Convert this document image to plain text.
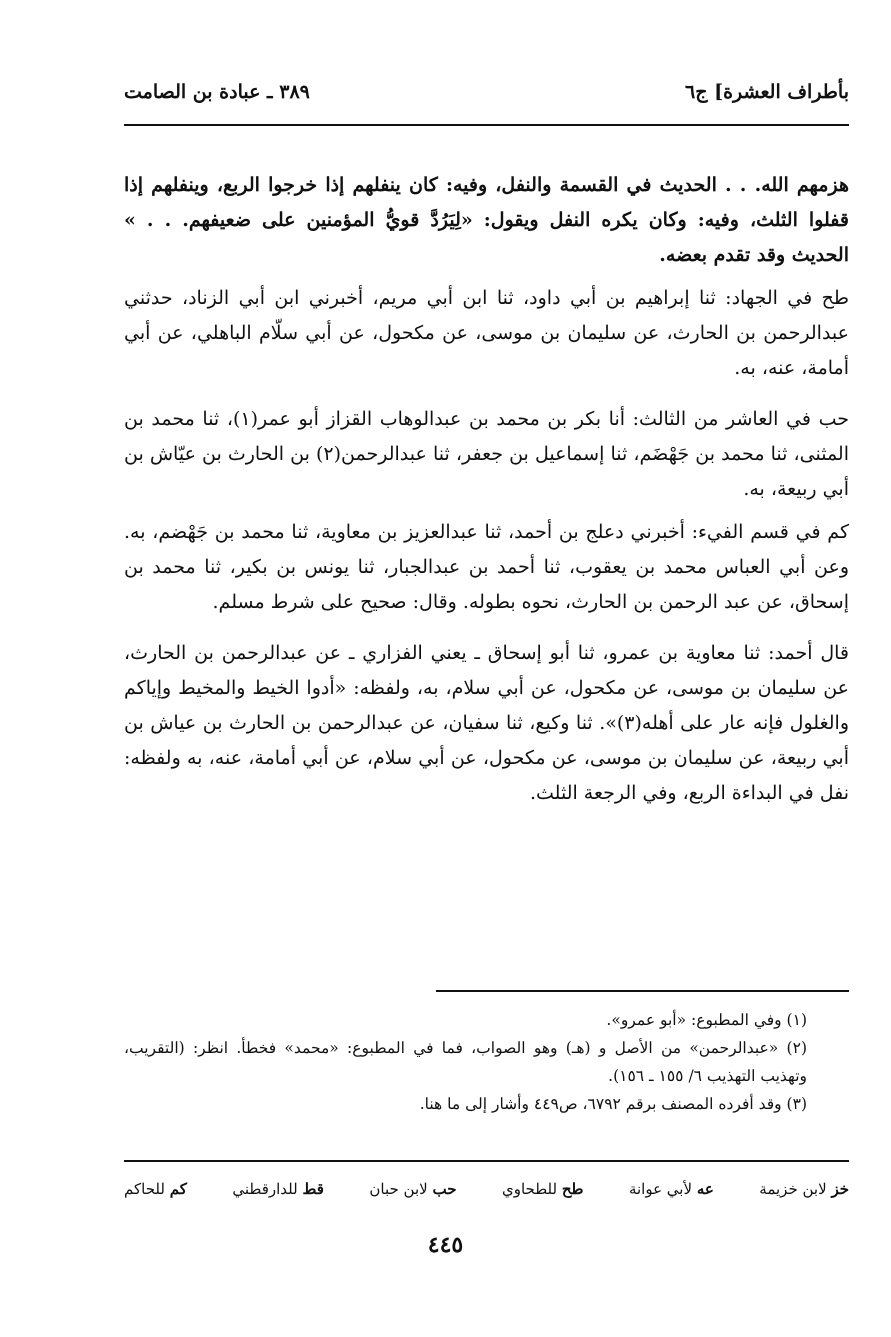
بأطراف العشرة] ج٦
٣٨٩ ـ عبادة بن الصامت

هزمهم الله. . . الحديث في القسمة والنفل، وفيه: كان ينفلهم إذا خرجوا الربع، وينفلهم إذا قفلوا الثلث، وفيه: وكان يكره النفل ويقول: «لِيَرُدَّ قويُّ المؤمنين على ضعيفهم. . . » الحديث وقد تقدم بعضه.

طح في الجهاد: ثنا إبراهيم بن أبي داود، ثنا ابن أبي مريم، أخبرني ابن أبي الزناد، حدثني عبدالرحمن بن الحارث، عن سليمان بن موسى، عن مكحول، عن أبي سلّام الباهلي، عن أبي أمامة، عنه، به.

حب في العاشر من الثالث: أنا بكر بن محمد بن عبدالوهاب القزاز أبو عمر(١)، ثنا محمد بن المثنى، ثنا محمد بن جَهْضَم، ثنا إسماعيل بن جعفر، ثنا عبدالرحمن(٢) بن الحارث بن عيّاش بن أبي ربيعة، به.

كم في قسم الفيء: أخبرني دعلج بن أحمد، ثنا عبدالعزيز بن معاوية، ثنا محمد بن جَهْضم، به. وعن أبي العباس محمد بن يعقوب، ثنا أحمد بن عبدالجبار، ثنا يونس بن بكير، ثنا محمد بن إسحاق، عن عبد الرحمن بن الحارث، نحوه بطوله. وقال: صحيح على شرط مسلم.

قال أحمد: ثنا معاوية بن عمرو، ثنا أبو إسحاق ـ يعني الفزاري ـ عن عبدالرحمن بن الحارث، عن سليمان بن موسى، عن مكحول، عن أبي سلام، به، ولفظه: «أدوا الخيط والمخيط وإياكم والغلول فإنه عار على أهله(٣)». ثنا وكيع، ثنا سفيان، عن عبدالرحمن بن الحارث بن عياش بن أبي ربيعة، عن سليمان بن موسى، عن مكحول، عن أبي سلام، عن أبي أمامة، عنه، به ولفظه: نفل في البداءة الربع، وفي الرجعة الثلث.

(١) وفي المطبوع: «أبو عمرو».

(٢) «عبدالرحمن» من الأصل و (هـ) وهو الصواب، فما في المطبوع: «محمد» فخطأ. انظر: (التقريب، وتهذيب التهذيب ٦/ ١٥٥ ـ ١٥٦).

(٣) وقد أفرده المصنف برقم ٦٧٩٢، ص٤٤٩ وأشار إلى ما هنا.

خز لابن خزيمة
عه لأبي عوانة
طح للطحاوي
حب لابن حبان
قط للدارقطني
كم للحاكم
٤٤٥
